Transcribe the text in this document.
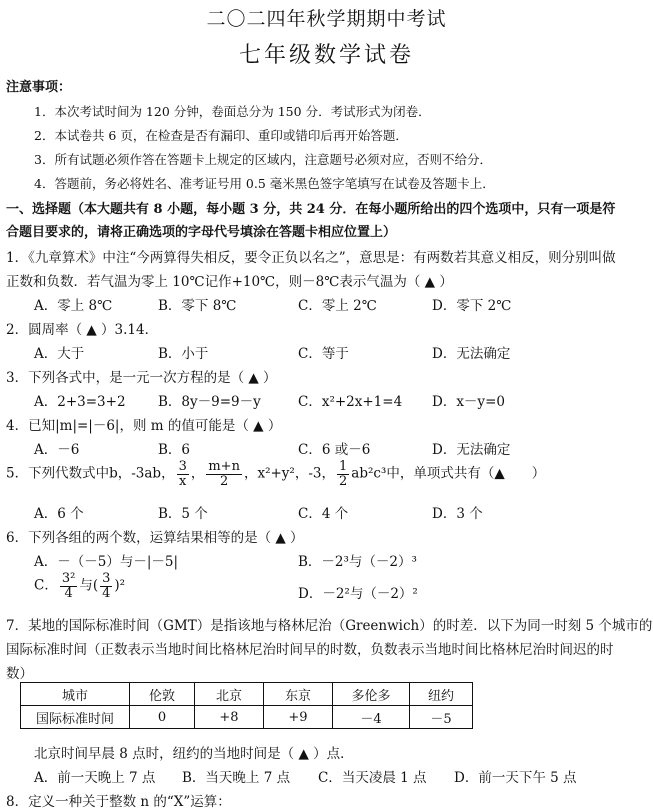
二〇二四年秋学期期中考试
七年级数学试卷
注意事项：
1．本次考试时间为 120 分钟，卷面总分为 150 分．考试形式为闭卷．
2．本试卷共 6 页，在检查是否有漏印、重印或错印后再开始答题．
3．所有试题必须作答在答题卡上规定的区域内，注意题号必须对应，否则不给分．
4．答题前，务必将姓名、准考证号用 0.5 毫米黑色签字笔填写在试卷及答题卡上．
一、选择题（本大题共有 8 小题，每小题 3 分，共 24 分．在每小题所给出的四个选项中，只有一项是符
合题目要求的，请将正确选项的字母代号填涂在答题卡相应位置上）
1．《九章算术》中注“今两算得失相反，要令正负以名之”，意思是：有两数若其意义相反，则分别叫做
正数和负数．若气温为零上 10℃记作+10℃，则－8℃表示气温为（ ▲ ）
A．零上 8℃	B．零下 8℃	C．零上 2℃	D．零下 2℃
2．圆周率（ ▲ ）3.14．
A．大于	B．小于	C．等于	D．无法确定
3．下列各式中，是一元一次方程的是（ ▲ ）
A．2+3=3+2 B．8y－9=9－y	C．x²+2x+1=4 D．x－y=0
4．已知|m|=|－6|，则 m 的值可能是（ ▲ ）
A．－6	B．6	C．6 或－6	D．无法确定
5．下列代数式中b，-3ab， $\frac{3}{x}$ ， $\frac{m+n}{2}$ ，x²+y²，-3， $\frac{1}{2} ab^2c^3$中，单项式共有（▲　　）
A．6 个	B．5 个	C．4 个	D．3 个
6．下列各组的两个数，运算结果相等的是（ ▲ ）
A．－（－5）与－|－5|	B．－2³与（－2）³
C． $\frac{\text{3²}}{4}$ 与( $\frac{3}{4} )^2$
D．－2²与（－2）²
7．某地的国际标准时间（GMT）是指该地与格林尼治（Greenwich）的时差．以下为同一时刻 5 个城市的
国际标准时间（正数表示当地时间比格林尼治时间早的时数，负数表示当地时间比格林尼治时间迟的时
数）
城市	伦敦	北京	东京	多伦多	纽约
国际标准时间	0	+8	+9	－4	－5
北京时间早晨 8 点时，纽约的当地时间是（ ▲ ）点．
A．前一天晚上 7 点 B．当天晚上 7 点 C．当天凌晨 1 点 D．前一天下午 5 点
8．定义一种关于整数 n 的“X”运算：
